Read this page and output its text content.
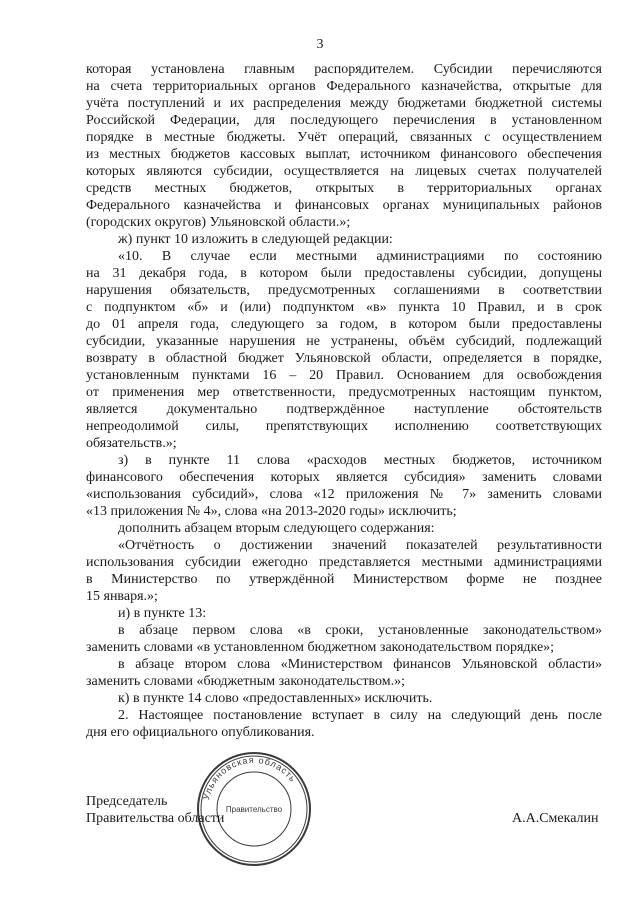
3
которая установлена главным распорядителем. Субсидии перечисляются
на счета территориальных органов Федерального казначейства, открытые для
учёта поступлений и их распределения между бюджетами бюджетной системы
Российской Федерации, для последующего перечисления в установленном
порядке в местные бюджеты. Учёт операций, связанных с осуществлением
из местных бюджетов кассовых выплат, источником финансового обеспечения
которых являются субсидии, осуществляется на лицевых счетах получателей
средств местных бюджетов, открытых в территориальных органах
Федерального казначейства и финансовых органах муниципальных районов
(городских округов) Ульяновской области.»;
ж) пункт 10 изложить в следующей редакции:
«10. В случае если местными администрациями по состоянию
на 31 декабря года, в котором были предоставлены субсидии, допущены
нарушения обязательств, предусмотренных соглашениями в соответствии
с подпунктом «б» и (или) подпунктом «в» пункта 10 Правил, и в срок
до 01 апреля года, следующего за годом, в котором были предоставлены
субсидии, указанные нарушения не устранены, объём субсидий, подлежащий
возврату в областной бюджет Ульяновской области, определяется в порядке,
установленным пунктами 16 – 20 Правил. Основанием для освобождения
от применения мер ответственности, предусмотренных настоящим пунктом,
является документально подтверждённое наступление обстоятельств
непреодолимой силы, препятствующих исполнению соответствующих
обязательств.»;
з) в пункте 11 слова «расходов местных бюджетов, источником
финансового обеспечения которых является субсидия» заменить словами
«использования субсидий», слова «12 приложения № 7» заменить словами
«13 приложения № 4», слова «на 2013-2020 годы» исключить;
дополнить абзацем вторым следующего содержания:
«Отчётность о достижении значений показателей результативности
использования субсидии ежегодно представляется местными администрациями
в Министерство по утверждённой Министерством форме не позднее
15 января.»;
и) в пункте 13:
в абзаце первом слова «в сроки, установленные законодательством»
заменить словами «в установленном бюджетном законодательством порядке»;
в абзаце втором слова «Министерством финансов Ульяновской области»
заменить словами «бюджетным законодательством.»;
к) в пункте 14 слово «предоставленных» исключить.
2. Настоящее постановление вступает в силу на следующий день после
дня его официального опубликования.
Ульяновская область
Правительство
Председатель
Правительства области	А.А.Смекалин
